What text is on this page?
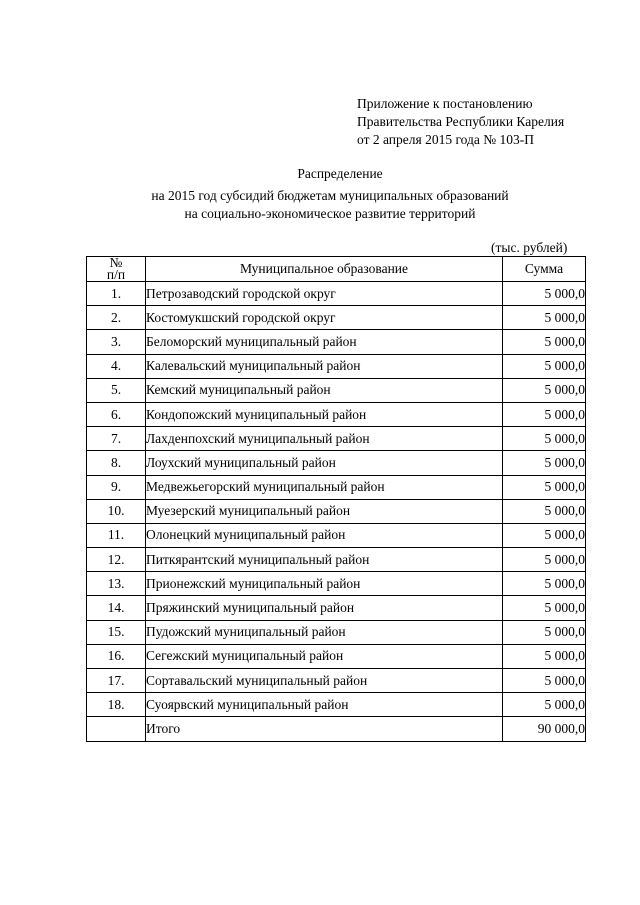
Приложение к постановлению
Правительства Республики Карелия
от 2 апреля 2015 года № 103-П
Распределение
на 2015 год субсидий бюджетам муниципальных образований
на социально-экономическое развитие территорий
(тыс. рублей)
№
п/п	Муниципальное образование	Сумма
1.	Петрозаводский городской округ	5 000,0
2.	Костомукшский городской округ	5 000,0
3.	Беломорский муниципальный район	5 000,0
4.	Калевальский муниципальный район	5 000,0
5.	Кемский муниципальный район	5 000,0
6.	Кондопожский муниципальный район	5 000,0
7.	Лахденпохский муниципальный район	5 000,0
8.	Лоухский муниципальный район	5 000,0
9.	Медвежьегорский муниципальный район	5 000,0
10.	Муезерский муниципальный район	5 000,0
11.	Олонецкий муниципальный район	5 000,0
12.	Питкярантский муниципальный район	5 000,0
13.	Прионежский муниципальный район	5 000,0
14.	Пряжинский муниципальный район	5 000,0
15.	Пудожский муниципальный район	5 000,0
16.	Сегежский муниципальный район	5 000,0
17.	Сортавальский муниципальный район	5 000,0
18.	Суоярвский муниципальный район	5 000,0
	Итого	90 000,0
